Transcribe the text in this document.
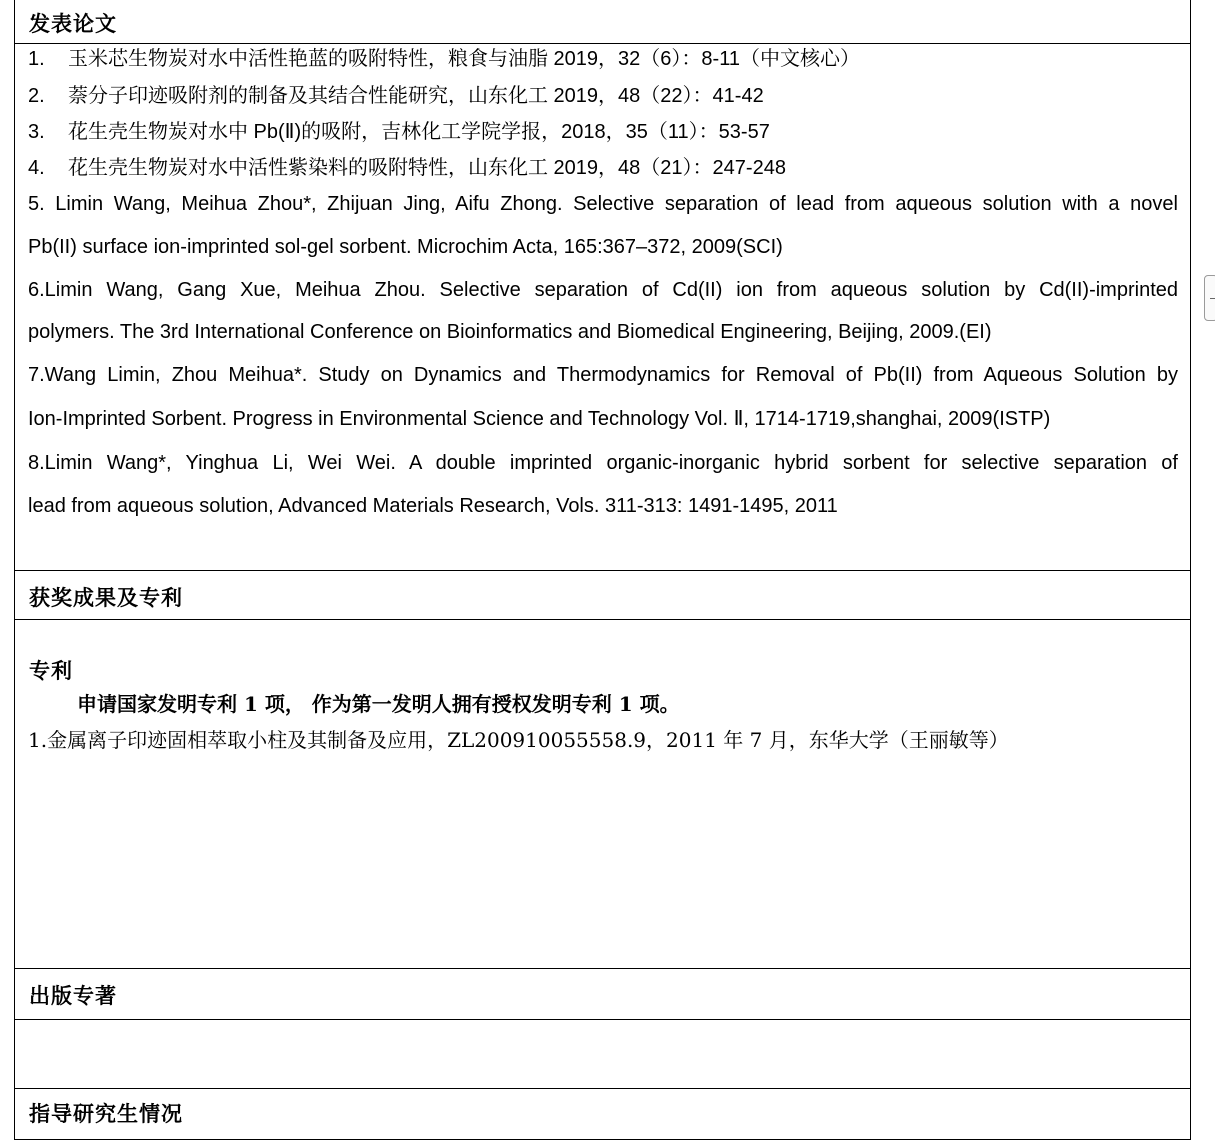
发表论文
1. 玉米芯生物炭对水中活性艳蓝的吸附特性，粮食与油脂 2019，32（6）：8-11（中文核心）
2. 萘分子印迹吸附剂的制备及其结合性能研究，山东化工 2019，48（22）：41-42
3. 花生壳生物炭对水中 Pb(Ⅱ)的吸附，吉林化工学院学报，2018，35（11）：53-57
4. 花生壳生物炭对水中活性紫染料的吸附特性，山东化工 2019，48（21）：247-248
5. Limin Wang, Meihua Zhou*, Zhijuan Jing, Aifu Zhong. Selective separation of lead from aqueous solution with a novel
Pb(II) surface ion-imprinted sol-gel sorbent. Microchim Acta, 165:367–372, 2009(SCI)
6.Limin Wang, Gang Xue, Meihua Zhou. Selective separation of Cd(II) ion from aqueous solution by Cd(II)-imprinted
polymers. The 3rd International Conference on Bioinformatics and Biomedical Engineering, Beijing, 2009.(EI)
7.Wang Limin, Zhou Meihua*. Study on Dynamics and Thermodynamics for Removal of Pb(II) from Aqueous Solution by
Ion-Imprinted Sorbent. Progress in Environmental Science and Technology Vol. Ⅱ, 1714-1719,shanghai, 2009(ISTP)
8.Limin Wang*, Yinghua Li, Wei Wei. A double imprinted organic-inorganic hybrid sorbent for selective separation of
lead from aqueous solution, Advanced Materials Research, Vols. 311-313: 1491-1495, 2011
获奖成果及专利
专利
申请国家发明专利 1 项， 作为第一发明人拥有授权发明专利 1 项。
1.金属离子印迹固相萃取小柱及其制备及应用，ZL200910055558.9，2011 年 7 月，东华大学（王丽敏等）
出版专著
指导研究生情况
